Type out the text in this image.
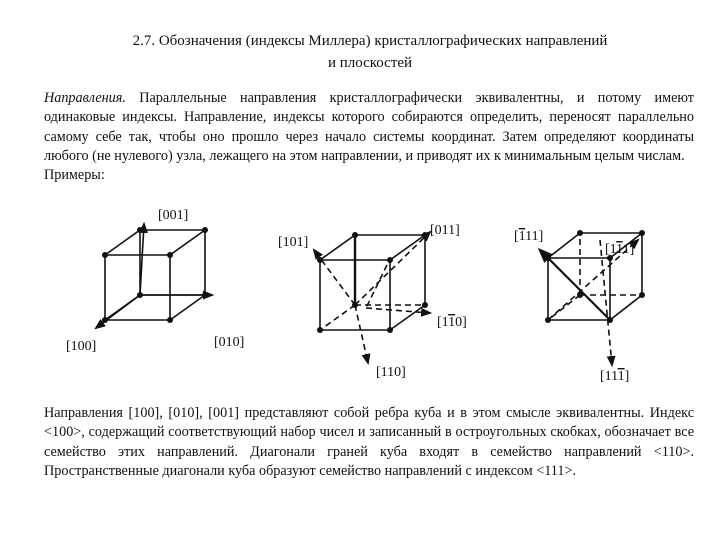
2.7. Обозначения (индексы Миллера) кристаллографических направлений
и плоскостей
Направления. Параллельные направления кристаллографически эквивалентны, и потому имеют одинаковые индексы. Направление, индексы которого собираются определить, переносят параллельно самому себе так, чтобы оно прошло через начало системы координат. Затем определяют координаты любого (не нулевого) узла, лежащего на этом направлении, и приводят их к минимальным целым числам.
Примеры:
[001]
[100]	[010]
[101]
[011]
[110]
[110]
[111]
[111]
[111]
Направления [100], [010], [001] представляют собой ребра куба и в этом смысле эквивалентны. Индекс <100>, содержащий соответствующий набор чисел и записанный в остроугольных скобках, обозначает все семейство этих направлений. Диагонали граней куба входят в семейство направлений <110>. Пространственные диагонали куба образуют семейство направлений с индексом <111>.
